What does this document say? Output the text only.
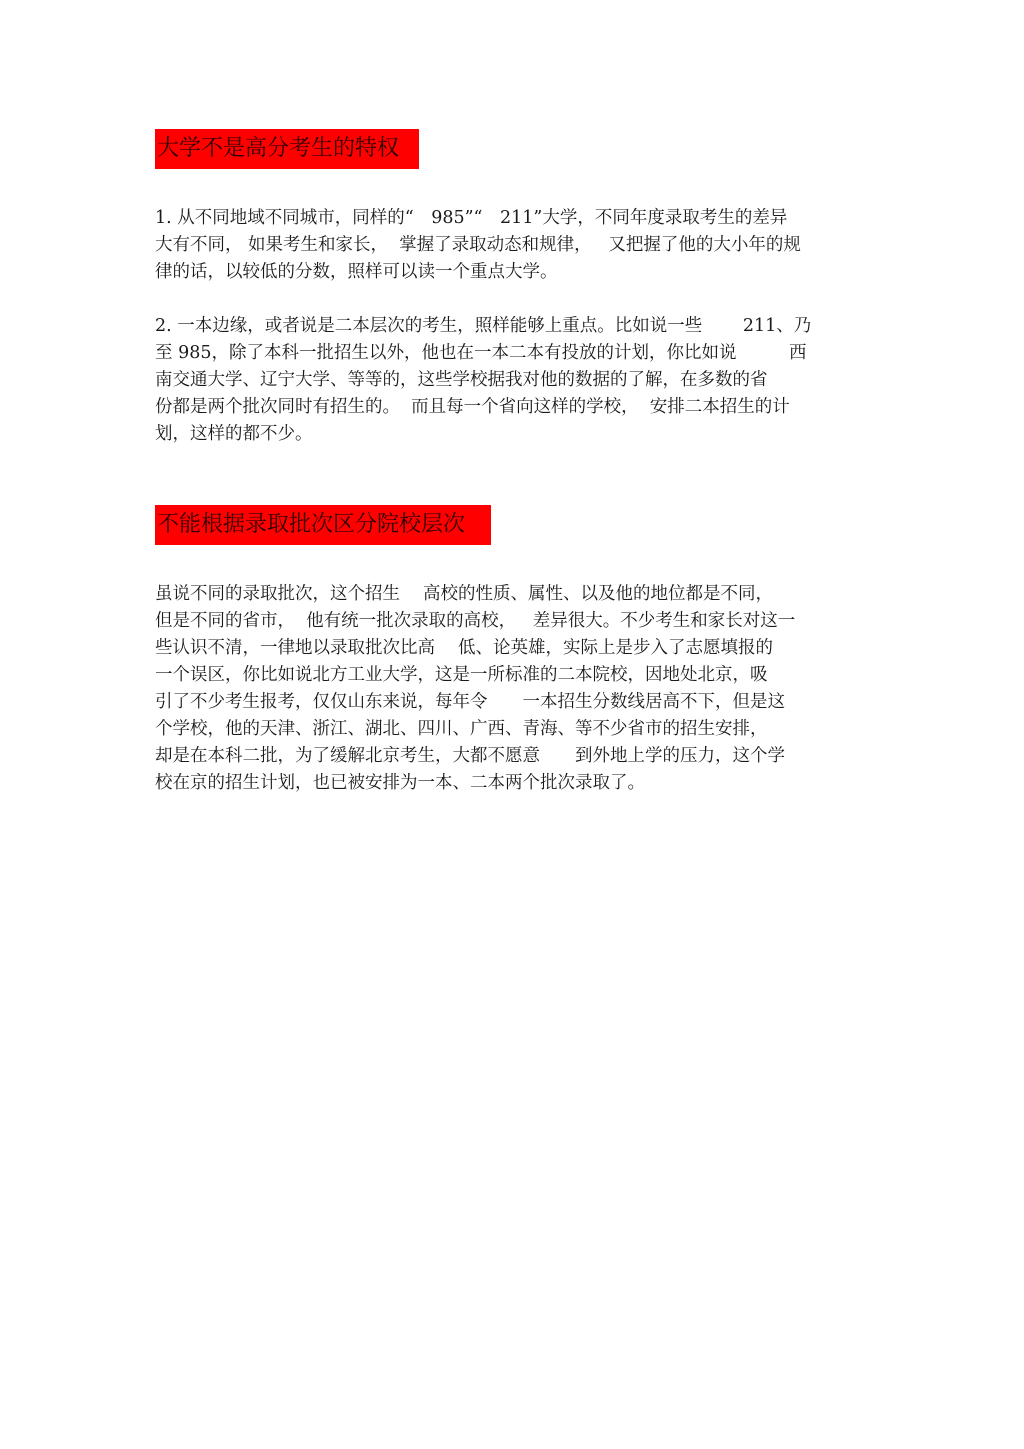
大学不是高分考生的特权
1. 从不同地域不同城市，同样的“　985”“　211”大学，不同年度录取考生的差异
大有不同， 如果考生和家长，  掌握了录取动态和规律，   又把握了他的大小年的规
律的话，以较低的分数，照样可以读一个重点大学。
2. 一本边缘，或者说是二本层次的考生，照样能够上重点。比如说一些　　 211、乃
至 985，除了本科一批招生以外，他也在一本二本有投放的计划，你比如说　　　西
南交通大学、辽宁大学、等等的，这些学校据我对他的数据的了解，在多数的省
份都是两个批次同时有招生的。  而且每一个省向这样的学校，  安排二本招生的计
划，这样的都不少。
不能根据录取批次区分院校层次
虽说不同的录取批次，这个招生　 高校的性质、属性、以及他的地位都是不同，
但是不同的省市，  他有统一批次录取的高校，   差异很大。不少考生和家长对这一
些认识不清，一律地以录取批次比高　 低、论英雄，实际上是步入了志愿填报的
一个误区，你比如说北方工业大学，这是一所标准的二本院校，因地处北京，吸
引了不少考生报考，仅仅山东来说，每年令　　一本招生分数线居高不下，但是这
个学校，他的天津、浙江、湖北、四川、广西、青海、等不少省市的招生安排，
却是在本科二批，为了缓解北京考生，大都不愿意　　到外地上学的压力，这个学
校在京的招生计划，也已被安排为一本、二本两个批次录取了。
